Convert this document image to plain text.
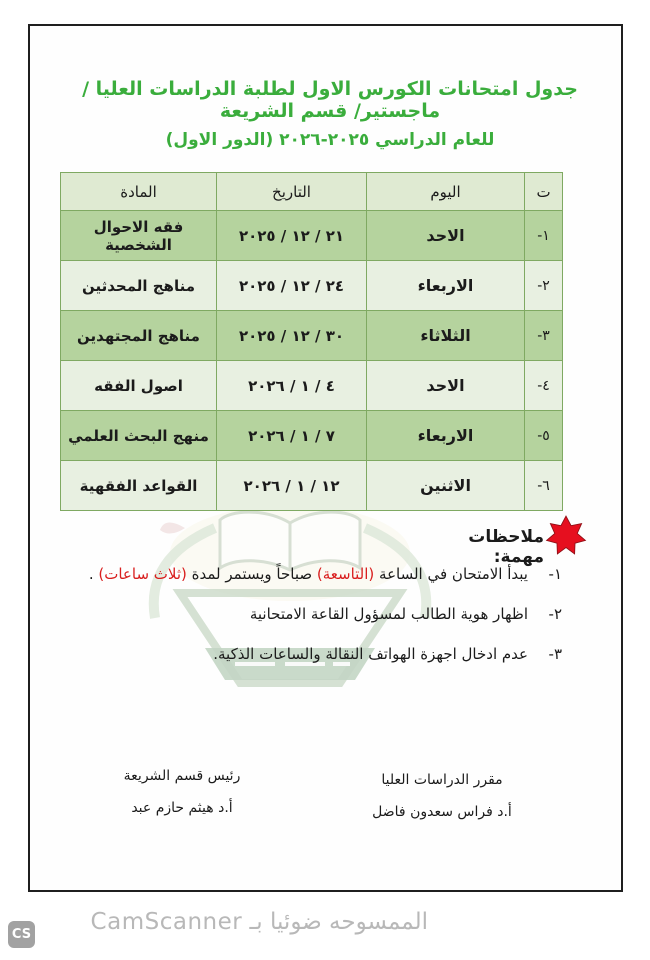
جدول امتحانات الكورس الاول لطلبة الدراسات العليا / ماجستير/ قسم الشريعة
للعام الدراسي ٢٠٢٥-٢٠٢٦ (الدور الاول)
ت	اليوم	التاريخ	المادة
١-	الاحد	٢١ / ١٢ / ٢٠٢٥	فقه الاحوال الشخصية
٢-	الاربعاء	٢٤ / ١٢ / ٢٠٢٥	مناهج المحدثين
٣-	الثلاثاء	٣٠ / ١٢ / ٢٠٢٥	مناهج المجتهدين
٤-	الاحد	٤ / ١ / ٢٠٢٦	اصول الفقه
٥-	الاربعاء	٧ / ١ / ٢٠٢٦	منهج البحث العلمي
٦-	الاثنين	١٢ / ١ / ٢٠٢٦	القواعد الفقهية
ملاحظات مهمة:
١-
يبدأ الامتحان في الساعة (التاسعة) صباحاً ويستمر لمدة (ثلاث ساعات) .
٢-
اظهار هوية الطالب لمسؤول القاعة الامتحانية
٣-
عدم ادخال اجهزة الهواتف النقالة والساعات الذكية.
مقرر الدراسات العليا
أ.د فراس سعدون فاضل
رئيس قسم الشريعة
أ.د هيثم حازم عبد
CS	الممسوحه ضوئيا بـ CamScanner
